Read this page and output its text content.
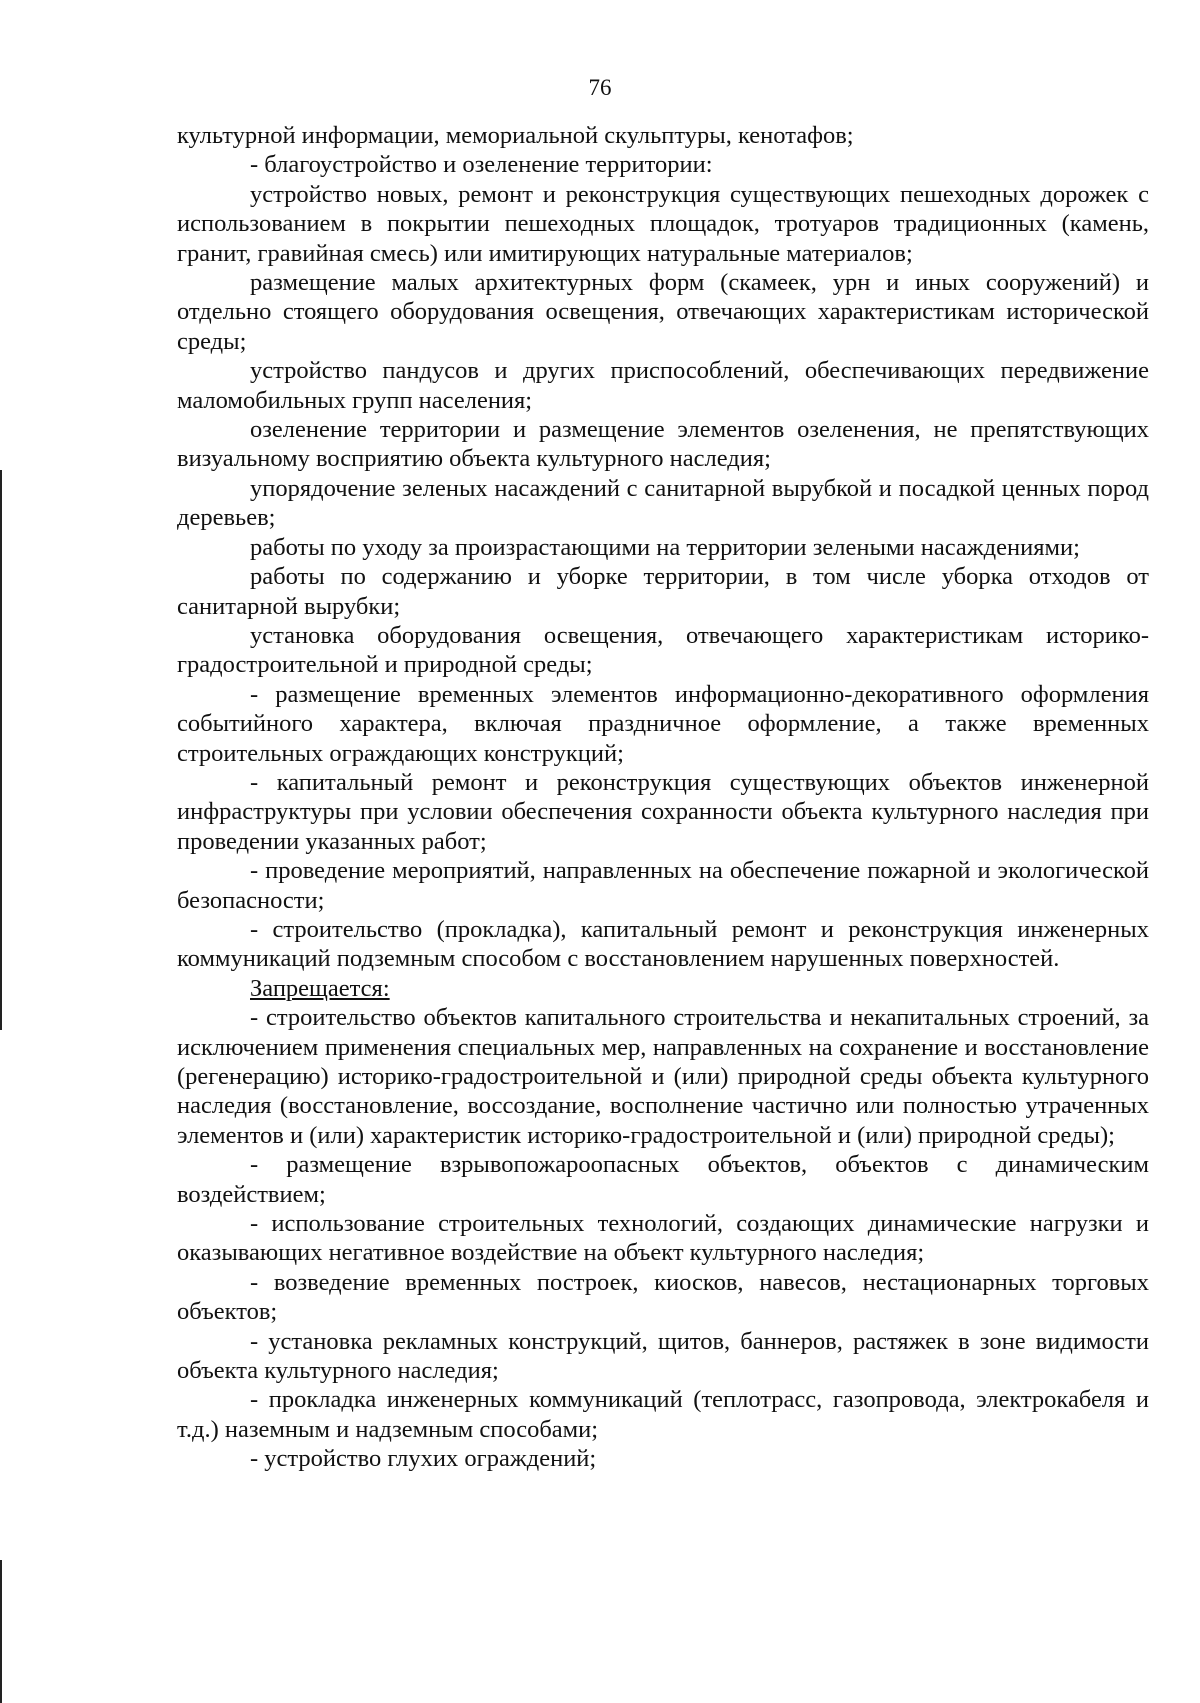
76

культурной информации, мемориальной скульптуры, кенотафов;

- благоустройство и озеленение территории:

устройство новых, ремонт и реконструкция существующих пешеходных дорожек с использованием в покрытии пешеходных площадок, тротуаров традиционных (камень, гранит, гравийная смесь) или имитирующих натуральные материалов;

размещение малых архитектурных форм (скамеек, урн и иных сооружений) и отдельно стоящего оборудования освещения, отвечающих характеристикам исторической среды;

устройство пандусов и других приспособлений, обеспечивающих передвижение маломобильных групп населения;

озеленение территории и размещение элементов озеленения, не препятствующих визуальному восприятию объекта культурного наследия;

упорядочение зеленых насаждений с санитарной вырубкой и посадкой ценных пород деревьев;

работы по уходу за произрастающими на территории зелеными насаждениями;

работы по содержанию и уборке территории, в том числе уборка отходов от санитарной вырубки;

установка оборудования освещения, отвечающего характеристикам историко-градостроительной и природной среды;

- размещение временных элементов информационно-декоративного оформления событийного характера, включая праздничное оформление, а также временных строительных ограждающих конструкций;

- капитальный ремонт и реконструкция существующих объектов инженерной инфраструктуры при условии обеспечения сохранности объекта культурного наследия при проведении указанных работ;

- проведение мероприятий, направленных на обеспечение пожарной и экологической безопасности;

- строительство (прокладка), капитальный ремонт и реконструкция инженерных коммуникаций подземным способом с восстановлением нарушенных поверхностей.

Запрещается:

- строительство объектов капитального строительства и некапитальных строений, за исключением применения специальных мер, направленных на сохранение и восстановление (регенерацию) историко-градостроительной и (или) природной среды объекта культурного наследия (восстановление, воссоздание, восполнение частично или полностью утраченных элементов и (или) характеристик историко-градостроительной и (или) природной среды);

- размещение взрывопожароопасных объектов, объектов с динамическим воздействием;

- использование строительных технологий, создающих динамические нагрузки и оказывающих негативное воздействие на объект культурного наследия;

- возведение временных построек, киосков, навесов, нестационарных торговых объектов;

- установка рекламных конструкций, щитов, баннеров, растяжек в зоне видимости объекта культурного наследия;

- прокладка инженерных коммуникаций (теплотрасс, газопровода, электрокабеля и т.д.) наземным и надземным способами;

- устройство глухих ограждений;
